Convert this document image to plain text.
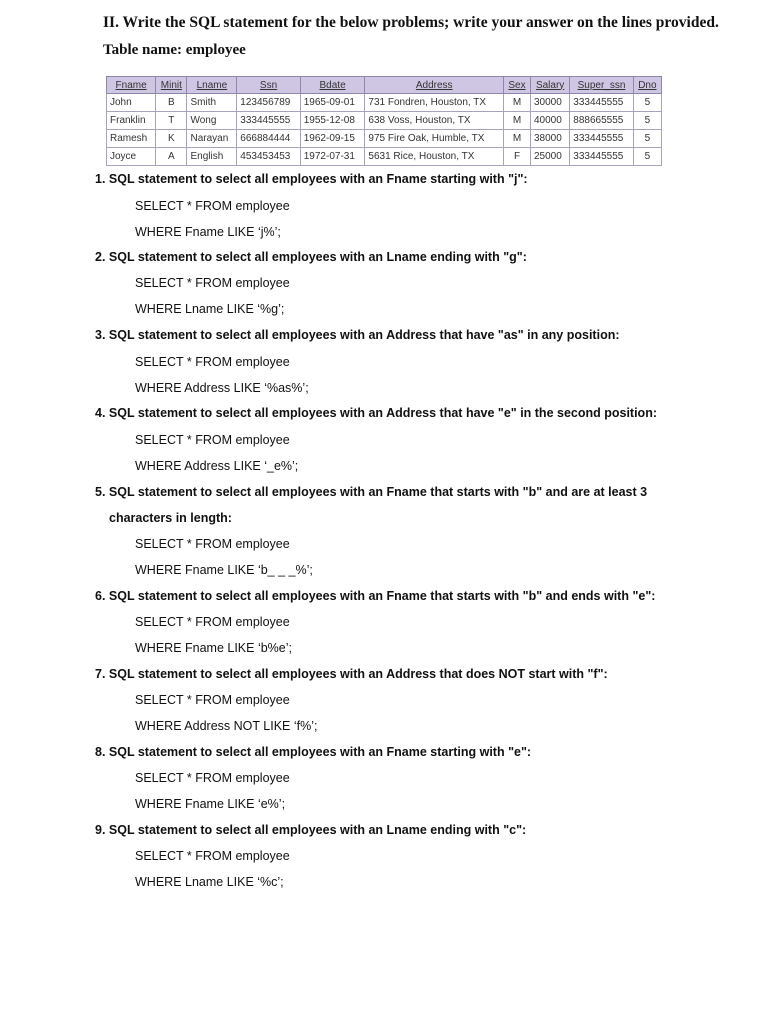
II. Write the SQL statement for the below problems; write your answer on the lines provided.
Table name: employee
Fname	Minit	Lname	Ssn	Bdate	Address	Sex	Salary	Super_ssn	Dno
John	B	Smith	123456789	1965-09-01	731 Fondren, Houston, TX	M	30000	333445555	5
Franklin	T	Wong	333445555	1955-12-08	638 Voss, Houston, TX	M	40000	888665555	5
Ramesh	K	Narayan	666884444	1962-09-15	975 Fire Oak, Humble, TX	M	38000	333445555	5
Joyce	A	English	453453453	1972-07-31	5631 Rice, Houston, TX	F	25000	333445555	5
1. SQL statement to select all employees with an Fname starting with "j":
SELECT * FROM employee
WHERE Fname LIKE ‘j%’;
2. SQL statement to select all employees with an Lname ending with "g":
SELECT * FROM employee
WHERE Lname LIKE ‘%g’;
3. SQL statement to select all employees with an Address that have "as" in any position:
SELECT * FROM employee
WHERE Address LIKE ‘%as%’;
4. SQL statement to select all employees with an Address that have "e" in the second position:
SELECT * FROM employee
WHERE Address LIKE ‘_e%’;
5. SQL statement to select all employees with an Fname that starts with "b" and are at least 3
characters in length:
SELECT * FROM employee
WHERE Fname LIKE ‘b_ _ _%’;
6. SQL statement to select all employees with an Fname that starts with "b" and ends with "e":
SELECT * FROM employee
WHERE Fname LIKE ‘b%e’;
7. SQL statement to select all employees with an Address that does NOT start with "f":
SELECT * FROM employee
WHERE Address NOT LIKE ‘f%’;
8. SQL statement to select all employees with an Fname starting with "e":
SELECT * FROM employee
WHERE Fname LIKE ‘e%’;
9. SQL statement to select all employees with an Lname ending with "c":
SELECT * FROM employee
WHERE Lname LIKE ‘%c’;
